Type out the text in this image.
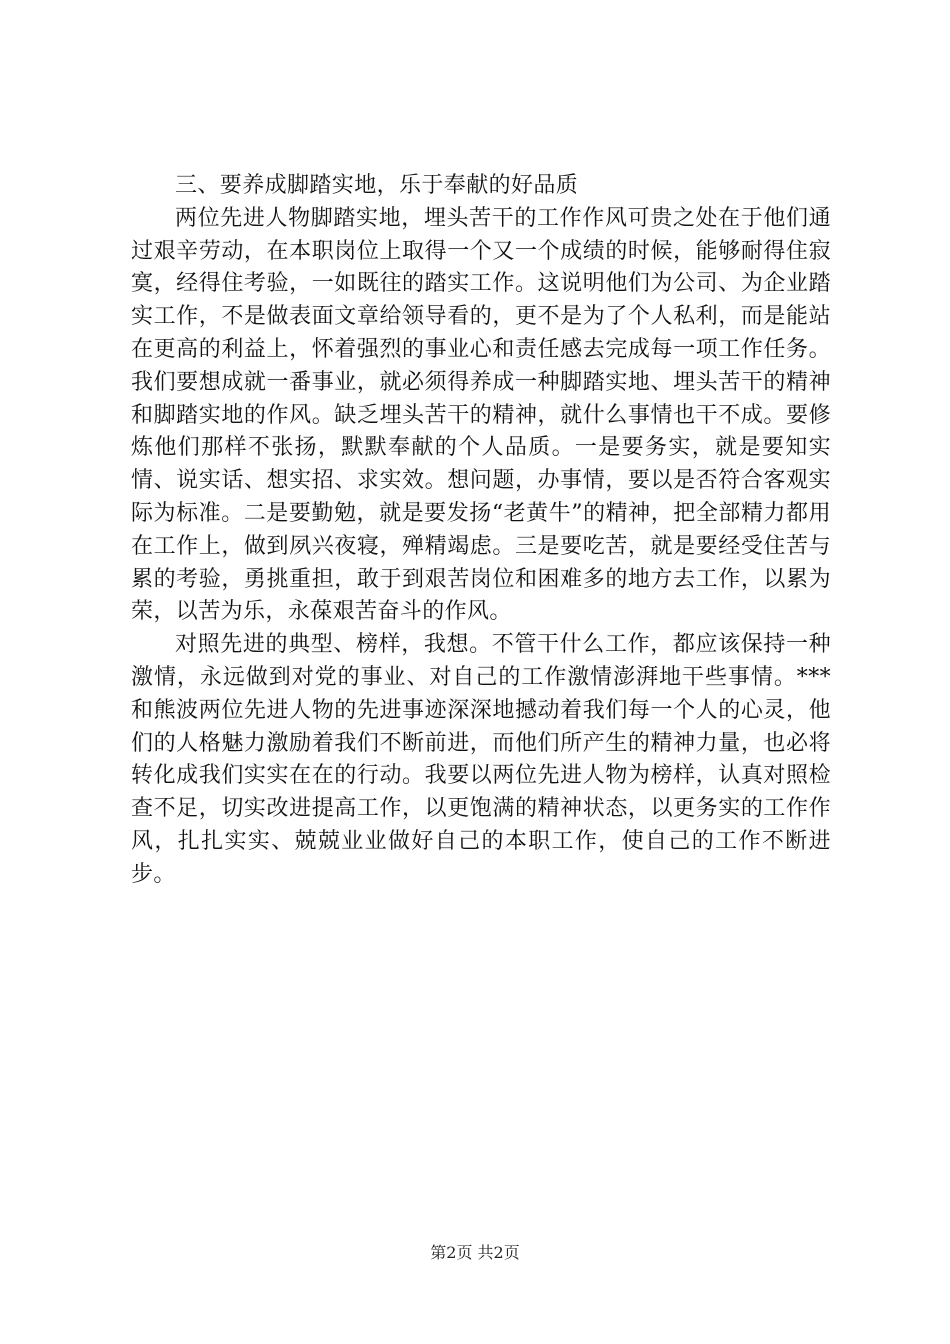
三、要养成脚踏实地，乐于奉献的好品质

两位先进人物脚踏实地，埋头苦干的工作作风可贵之处在于他们通过艰辛劳动，在本职岗位上取得一个又一个成绩的时候，能够耐得住寂寞，经得住考验，一如既往的踏实工作。这说明他们为公司、为企业踏实工作，不是做表面文章给领导看的，更不是为了个人私利，而是能站在更高的利益上，怀着强烈的事业心和责任感去完成每一项工作任务。我们要想成就一番事业，就必须得养成一种脚踏实地、埋头苦干的精神和脚踏实地的作风。缺乏埋头苦干的精神，就什么事情也干不成。要修炼他们那样不张扬，默默奉献的个人品质。一是要务实，就是要知实情、说实话、想实招、求实效。想问题，办事情，要以是否符合客观实际为标准。二是要勤勉，就是要发扬“老黄牛”的精神，把全部精力都用在工作上，做到夙兴夜寝，殚精竭虑。三是要吃苦，就是要经受住苦与累的考验，勇挑重担，敢于到艰苦岗位和困难多的地方去工作，以累为荣，以苦为乐，永葆艰苦奋斗的作风。

对照先进的典型、榜样，我想。不管干什么工作，都应该保持一种激情，永远做到对党的事业、对自己的工作激情澎湃地干些事情。***和熊波两位先进人物的先进事迹深深地撼动着我们每一个人的心灵，他们的人格魅力激励着我们不断前进，而他们所产生的精神力量，也必将转化成我们实实在在的行动。我要以两位先进人物为榜样，认真对照检查不足，切实改进提高工作，以更饱满的精神状态，以更务实的工作作风，扎扎实实、兢兢业业做好自己的本职工作，使自己的工作不断进步。

第2页 共2页
